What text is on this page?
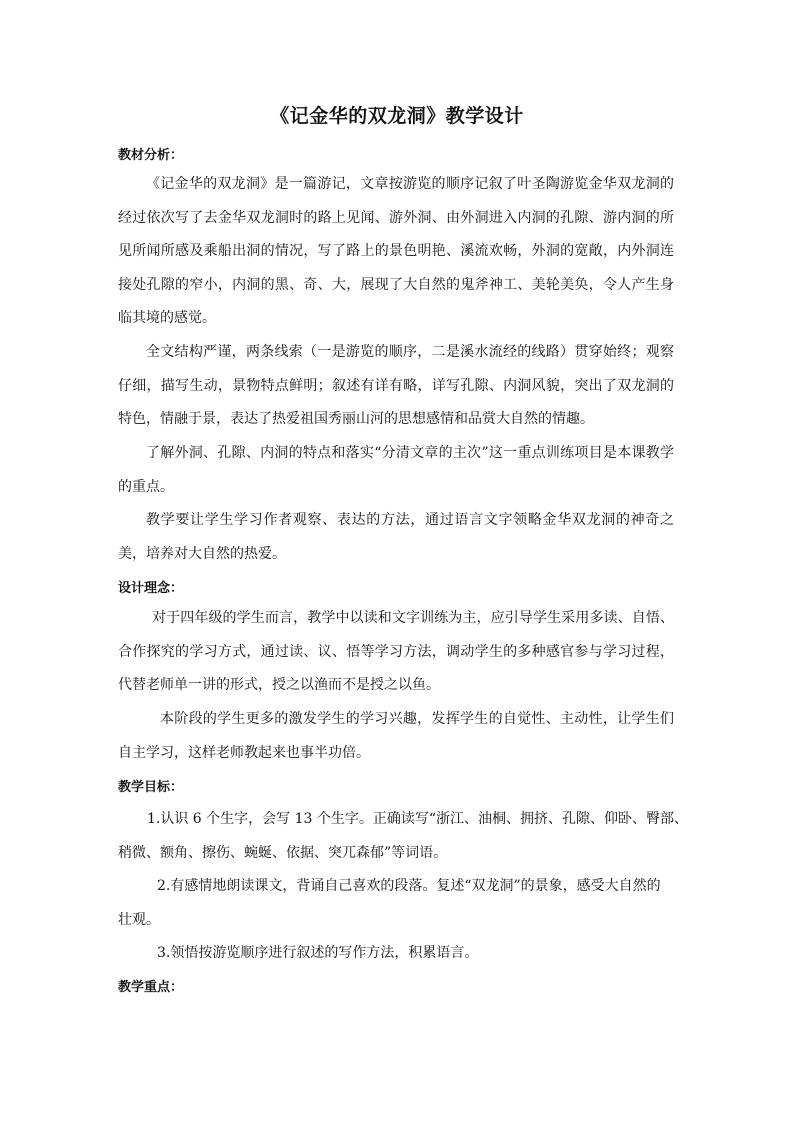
《记金华的双龙洞》教学设计
教材分析：

《记金华的双龙洞》是一篇游记，文章按游览的顺序记叙了叶圣陶游览金华双龙洞的经过依次写了去金华双龙洞时的路上见闻、游外洞、由外洞进入内洞的孔隙、游内洞的所见所闻所感及乘船出洞的情况，写了路上的景色明艳、溪流欢畅，外洞的宽敞，内外洞连接处孔隙的窄小，内洞的黑、奇、大，展现了大自然的鬼斧神工、美轮美奂，令人产生身临其境的感觉。

全文结构严谨，两条线索（一是游览的顺序，二是溪水流经的线路）贯穿始终；观察仔细，描写生动，景物特点鲜明；叙述有详有略，详写孔隙、内洞风貌，突出了双龙洞的特色，情融于景，表达了热爱祖国秀丽山河的思想感情和品赏大自然的情趣。

了解外洞、孔隙、内洞的特点和落实“分清文章的主次”这一重点训练项目是本课教学的重点。

教学要让学生学习作者观察、表达的方法，通过语言文字领略金华双龙洞的神奇之美，培养对大自然的热爱。

设计理念：

对于四年级的学生而言，教学中以读和文字训练为主，应引导学生采用多读、自悟、合作探究的学习方式，通过读、议、悟等学习方法，调动学生的多种感官参与学习过程，代替老师单一讲的形式，授之以渔而不是授之以鱼。

本阶段的学生更多的激发学生的学习兴趣，发挥学生的自觉性、主动性，让学生们自主学习，这样老师教起来也事半功倍。

教学目标：

1.认识 6 个生字，会写 13 个生字。正确读写“浙江、油桐、拥挤、孔隙、仰卧、臀部、

稍微、额角、擦伤、蜿蜒、依据、突兀森郁”等词语。

2.有感情地朗读课文，背诵自己喜欢的段落。复述“双龙洞”的景象，感受大自然的

壮观。

3.领悟按游览顺序进行叙述的写作方法，积累语言。

教学重点：
